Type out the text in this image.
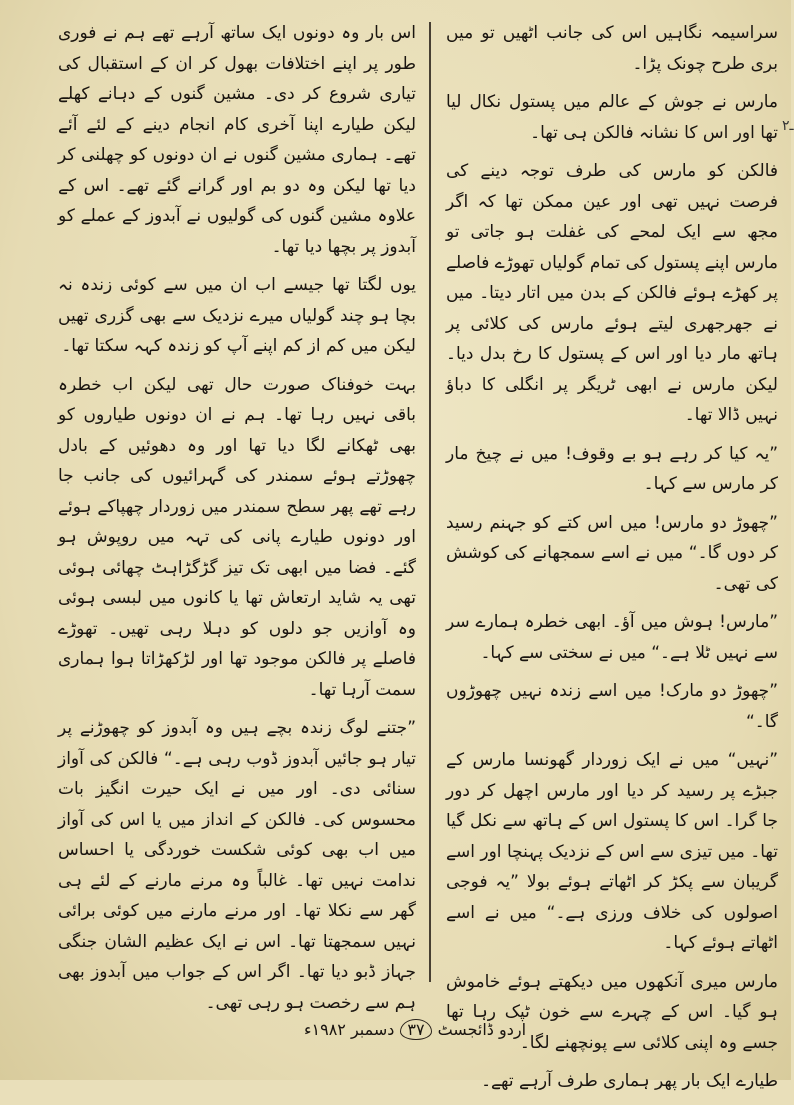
سراسیمہ نگاہیں اس کی جانب اٹھیں تو میں بری طرح چونک پڑا۔

مارس نے جوش کے عالم میں پستول نکال لیا تھا اور اس کا نشانہ فالکن ہی تھا۔

فالکن کو مارس کی طرف توجہ دینے کی فرصت نہیں تھی اور عین ممکن تھا کہ اگر مجھ سے ایک لمحے کی غفلت ہو جاتی تو مارس اپنے پستول کی تمام گولیاں تھوڑے فاصلے پر کھڑے ہوئے فالکن کے بدن میں اتار دیتا۔ میں نے جھرجھری لیتے ہوئے مارس کی کلائی پر ہاتھ مار دیا اور اس کے پستول کا رخ بدل دیا۔ لیکن مارس نے ابھی ٹریگر پر انگلی کا دباؤ نہیں ڈالا تھا۔

”یہ کیا کر رہے ہو بے وقوف! میں نے چیخ مار کر مارس سے کہا۔

”چھوڑ دو مارس! میں اس کتے کو جہنم رسید کر دوں گا۔“ میں نے اسے سمجھانے کی کوشش کی تھی۔

”مارس! ہوش میں آؤ۔ ابھی خطرہ ہمارے سر سے نہیں ٹلا ہے۔“ میں نے سختی سے کہا۔

”چھوڑ دو مارک! میں اسے زندہ نہیں چھوڑوں گا۔“

”نہیں“ میں نے ایک زوردار گھونسا مارس کے جبڑے پر رسید کر دیا اور مارس اچھل کر دور جا گرا۔ اس کا پستول اس کے ہاتھ سے نکل گیا تھا۔ میں تیزی سے اس کے نزدیک پہنچا اور اسے گریبان سے پکڑ کر اٹھاتے ہوئے بولا ”یہ فوجی اصولوں کی خلاف ورزی ہے۔“ میں نے اسے اٹھاتے ہوئے کہا۔

مارس میری آنکھوں میں دیکھتے ہوئے خاموش ہو گیا۔ اس کے چہرے سے خون ٹپک رہا تھا جسے وہ اپنی کلائی سے پونچھنے لگا۔

طیارے ایک بار پھر ہماری طرف آرہے تھے۔

اس بار وہ دونوں ایک ساتھ آرہے تھے ہم نے فوری طور پر اپنے اختلافات بھول کر ان کے استقبال کی تیاری شروع کر دی۔ مشین گنوں کے دہانے کھلے لیکن طیارے اپنا آخری کام انجام دینے کے لئے آئے تھے۔ ہماری مشین گنوں نے ان دونوں کو چھلنی کر دیا تھا لیکن وہ دو بم اور گرانے گئے تھے۔ اس کے علاوہ مشین گنوں کی گولیوں نے آبدوز کے عملے کو آبدوز پر بچھا دیا تھا۔

یوں لگتا تھا جیسے اب ان میں سے کوئی زندہ نہ بچا ہو چند گولیاں میرے نزدیک سے بھی گزری تھیں لیکن میں کم از کم اپنے آپ کو زندہ کہہ سکتا تھا۔

بہت خوفناک صورت حال تھی لیکن اب خطرہ باقی نہیں رہا تھا۔ ہم نے ان دونوں طیاروں کو بھی ٹھکانے لگا دیا تھا اور وہ دھوئیں کے بادل چھوڑتے ہوئے سمندر کی گہرائیوں کی جانب جا رہے تھے پھر سطح سمندر میں زوردار چھپاکے ہوئے اور دونوں طیارے پانی کی تہہ میں روپوش ہو گئے۔ فضا میں ابھی تک تیز گڑگڑاہٹ چھائی ہوئی تھی یہ شاید ارتعاش تھا یا کانوں میں لبسی ہوئی وہ آوازیں جو دلوں کو دہلا رہی تھیں۔ تھوڑے فاصلے پر فالکن موجود تھا اور لڑکھڑاتا ہوا ہماری سمت آرہا تھا۔

”جتنے لوگ زندہ بچے ہیں وہ آبدوز کو چھوڑنے پر تیار ہو جائیں آبدوز ڈوب رہی ہے۔“ فالکن کی آواز سنائی دی۔ اور میں نے ایک حیرت انگیز بات محسوس کی۔ فالکن کے انداز میں یا اس کی آواز میں اب بھی کوئی شکست خوردگی یا احساس ندامت نہیں تھا۔ غالباً وہ مرنے مارنے کے لئے ہی گھر سے نکلا تھا۔ اور مرنے مارنے میں کوئی برائی نہیں سمجھتا تھا۔ اس نے ایک عظیم الشان جنگی جہاز ڈبو دیا تھا۔ اگر اس کے جواب میں آبدوز بھی ہم سے رخصت ہو رہی تھی۔

۲ـ
اردو ڈائجسٹ
۳۷
دسمبر ۱۹۸۲ء
